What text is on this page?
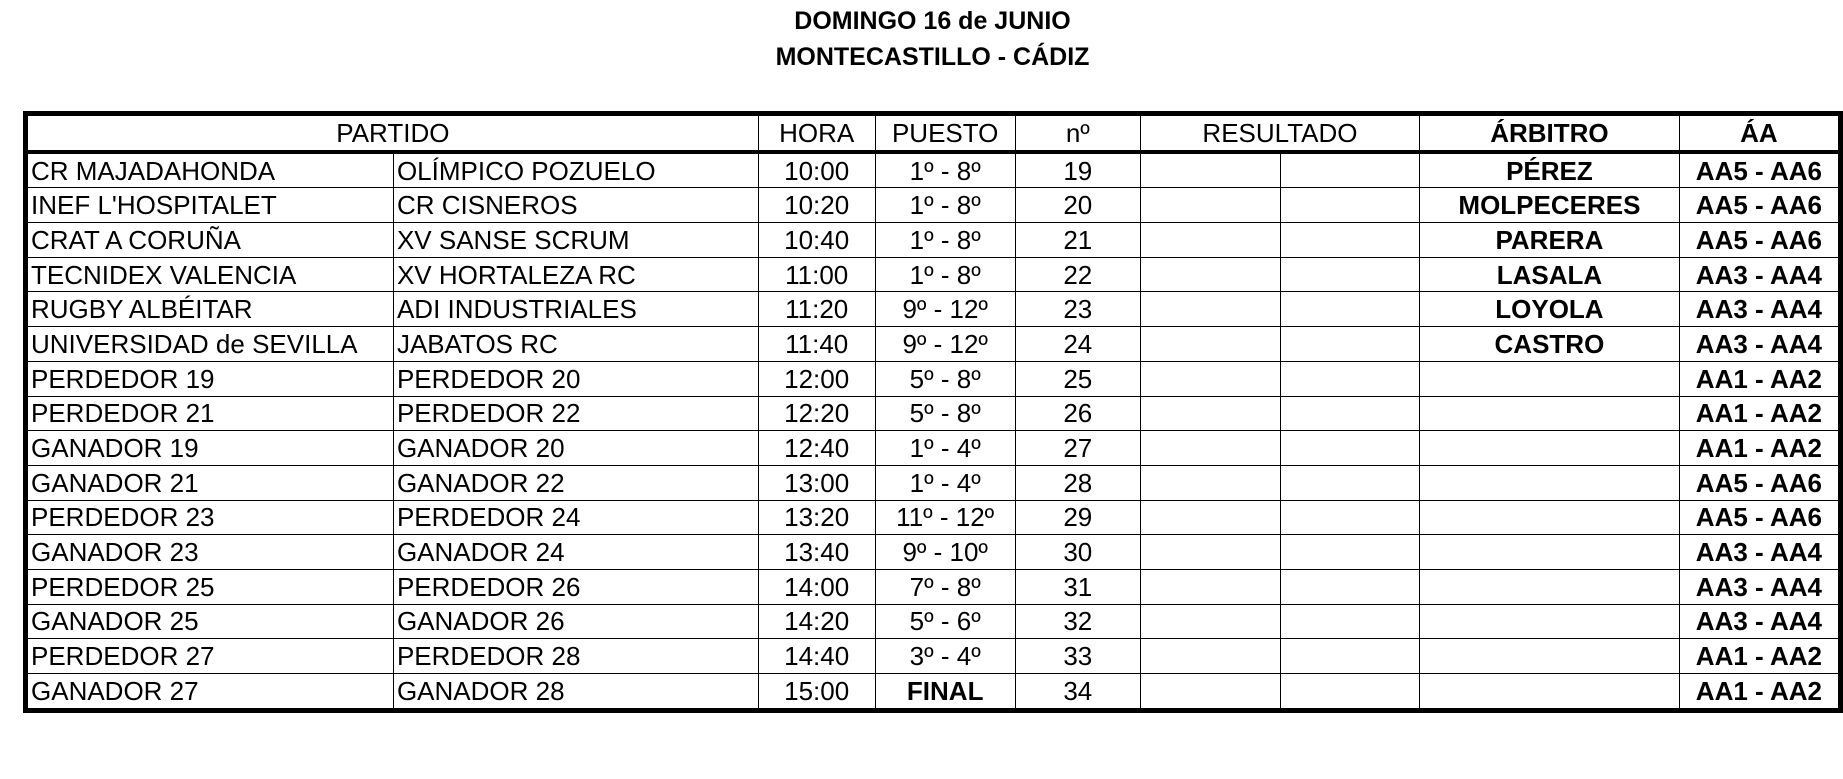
DOMINGO 16 de JUNIO
MONTECASTILLO - CÁDIZ
PARTIDO		HORA	PUESTO	nº	RESULTADO		ÁRBITRO	ÁA
CR MAJADAHONDA	OLÍMPICO POZUELO	10:00	1º - 8º	19			PÉREZ	AA5 - AA6
INEF L'HOSPITALET	CR CISNEROS	10:20	1º - 8º	20			MOLPECERES	AA5 - AA6
CRAT A CORUÑA	XV SANSE SCRUM	10:40	1º - 8º	21			PARERA	AA5 - AA6
TECNIDEX VALENCIA	XV HORTALEZA RC	11:00	1º - 8º	22			LASALA	AA3 - AA4
RUGBY ALBÉITAR	ADI INDUSTRIALES	11:20	9º - 12º	23			LOYOLA	AA3 - AA4
UNIVERSIDAD de SEVILLA	JABATOS RC	11:40	9º - 12º	24			CASTRO	AA3 - AA4
PERDEDOR 19	PERDEDOR 20	12:00	5º - 8º	25				AA1 - AA2
PERDEDOR 21	PERDEDOR 22	12:20	5º - 8º	26				AA1 - AA2
GANADOR 19	GANADOR 20	12:40	1º - 4º	27				AA1 - AA2
GANADOR 21	GANADOR 22	13:00	1º - 4º	28				AA5 - AA6
PERDEDOR 23	PERDEDOR 24	13:20	11º - 12º	29				AA5 - AA6
GANADOR 23	GANADOR 24	13:40	9º - 10º	30				AA3 - AA4
PERDEDOR 25	PERDEDOR 26	14:00	7º - 8º	31				AA3 - AA4
GANADOR 25	GANADOR 26	14:20	5º - 6º	32				AA3 - AA4
PERDEDOR 27	PERDEDOR 28	14:40	3º - 4º	33				AA1 - AA2
GANADOR 27	GANADOR 28	15:00	FINAL	34				AA1 - AA2
